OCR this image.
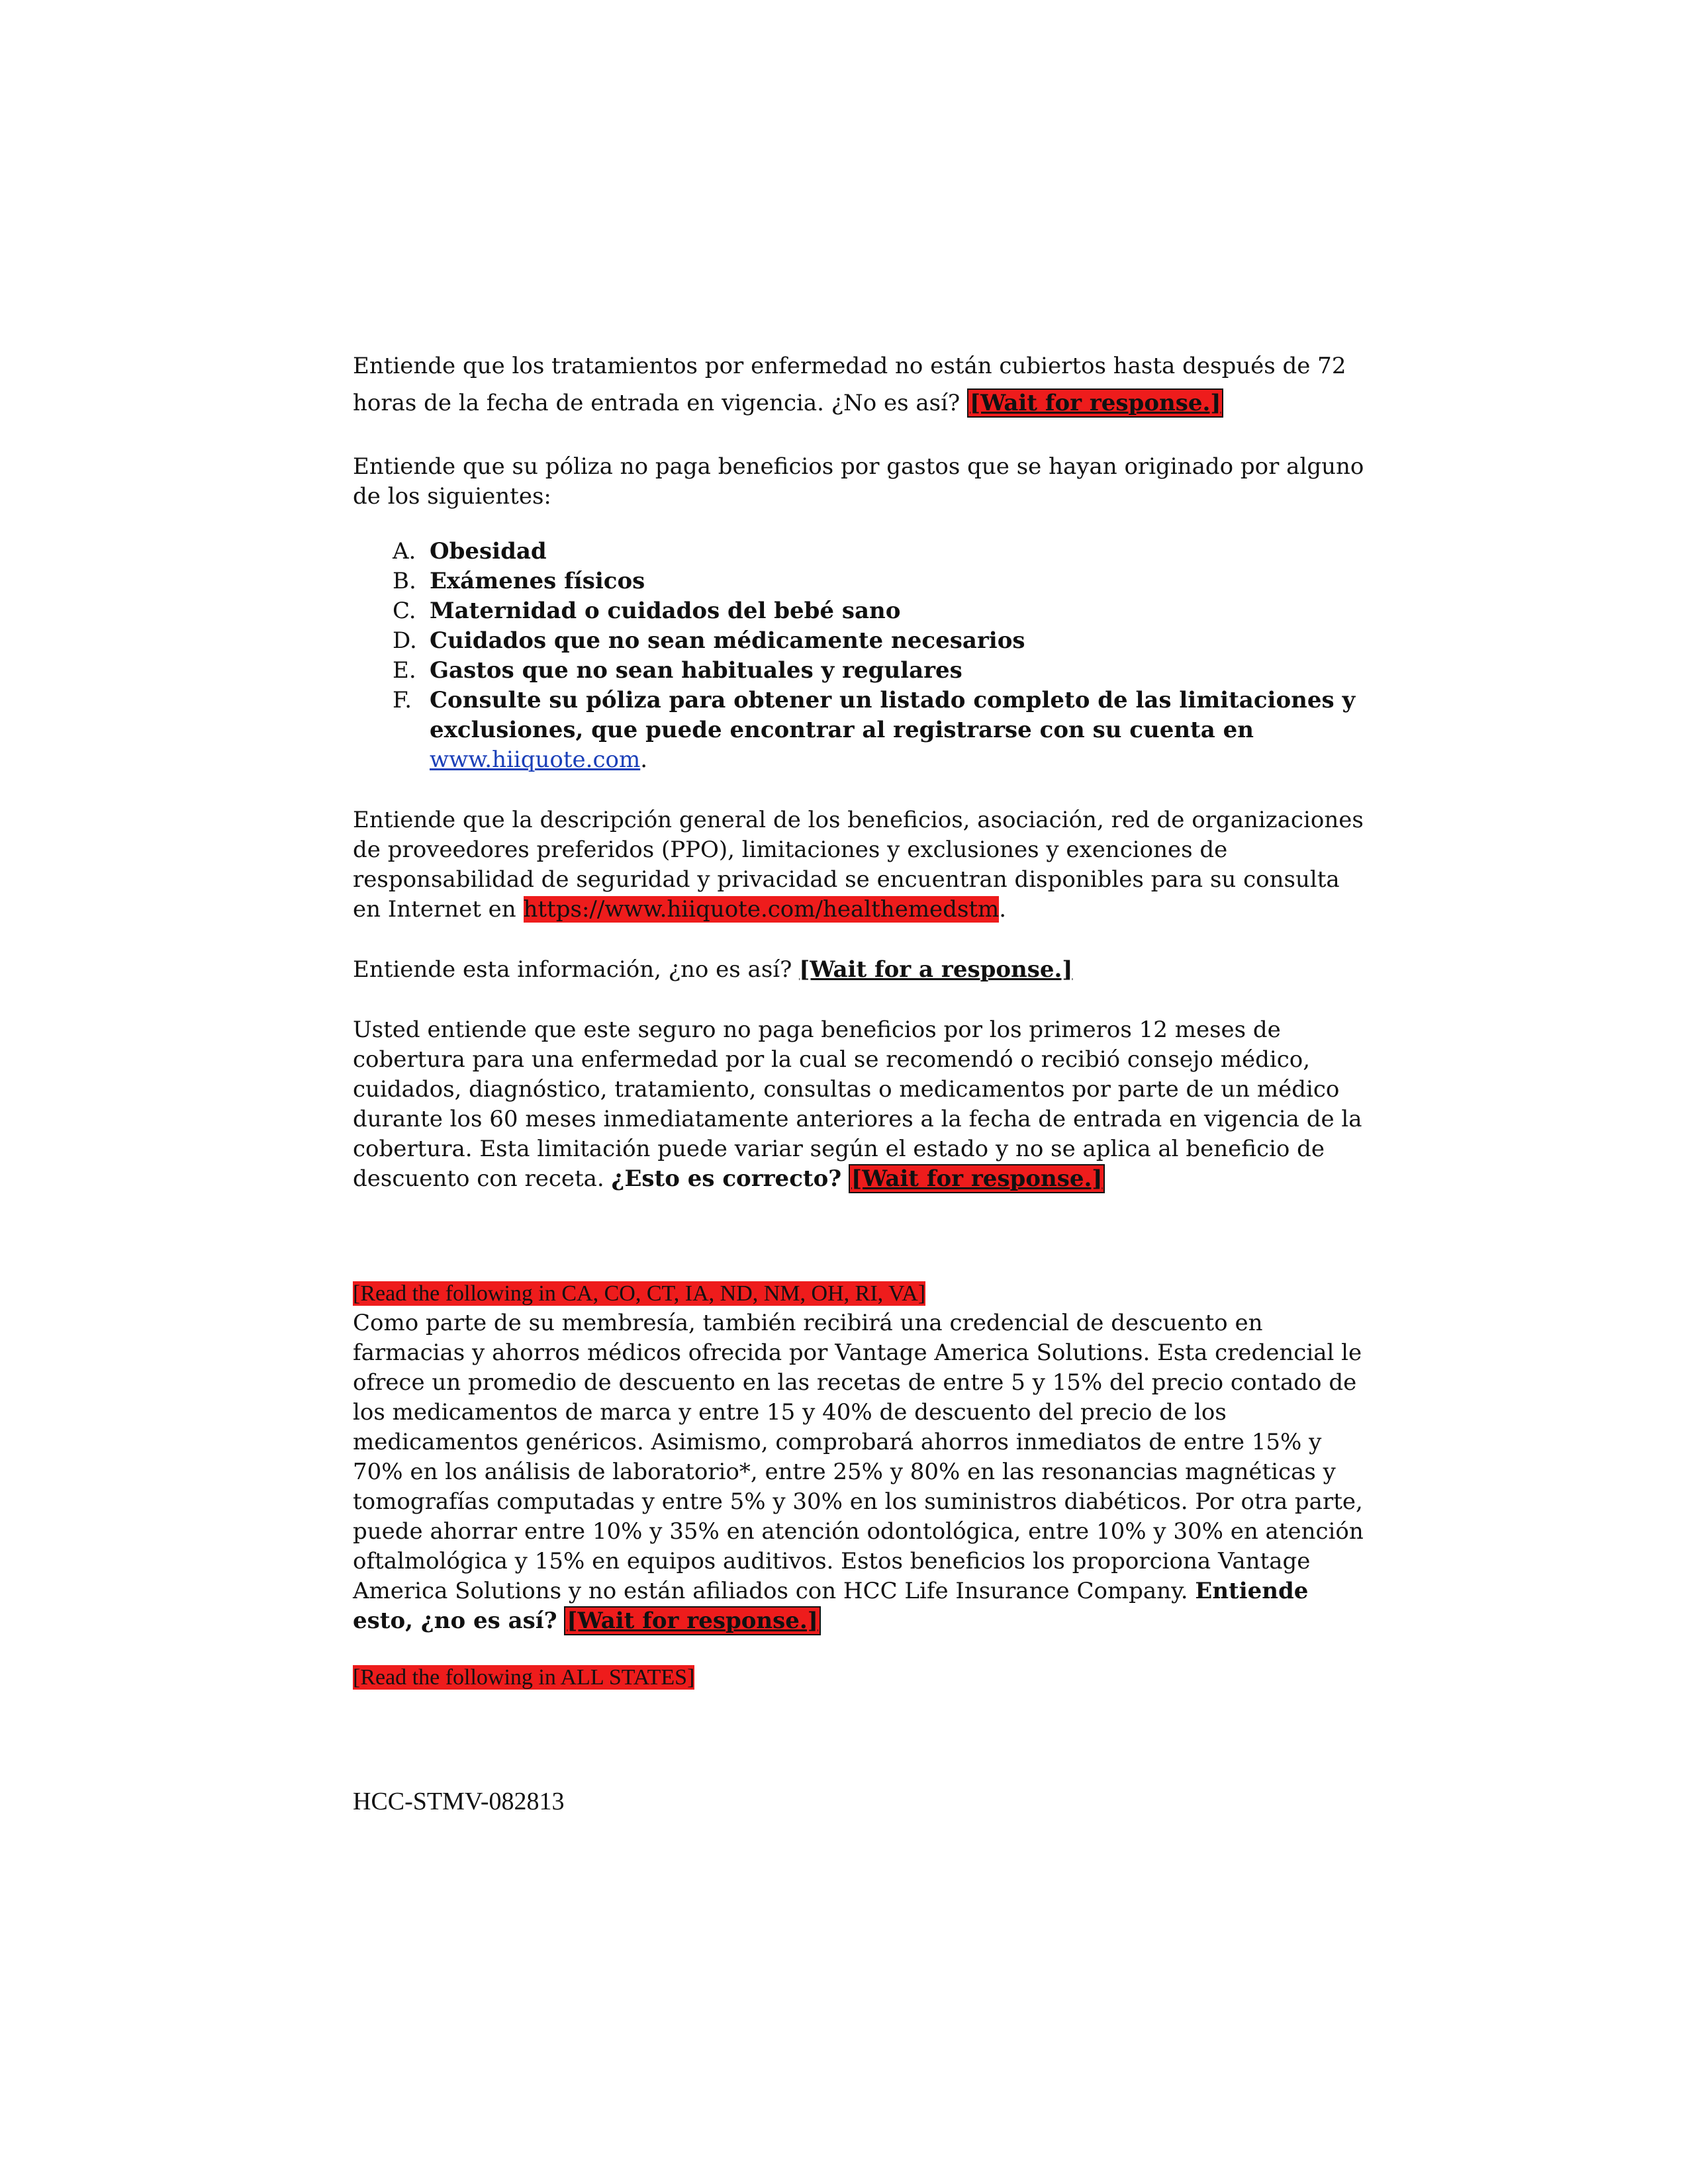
Entiende que los tratamientos por enfermedad no están cubiertos hasta después de 72 horas de la fecha de entrada en vigencia. ¿No es así? [Wait for response.]

Entiende que su póliza no paga beneficios por gastos que se hayan originado por alguno de los siguientes:

A. Obesidad
B. Exámenes físicos
C. Maternidad o cuidados del bebé sano
D. Cuidados que no sean médicamente necesarios
E. Gastos que no sean habituales y regulares
F. Consulte su póliza para obtener un listado completo de las limitaciones y exclusiones, que puede encontrar al registrarse con su cuenta en www.hiiquote.com.

Entiende que la descripción general de los beneficios, asociación, red de organizaciones de proveedores preferidos (PPO), limitaciones y exclusiones y exenciones de responsabilidad de seguridad y privacidad se encuentran disponibles para su consulta en Internet en https://www.hiiquote.com/healthemedstm.

Entiende esta información, ¿no es así? [Wait for a response.]

Usted entiende que este seguro no paga beneficios por los primeros 12 meses de cobertura para una enfermedad por la cual se recomendó o recibió consejo médico, cuidados, diagnóstico, tratamiento, consultas o medicamentos por parte de un médico durante los 60 meses inmediatamente anteriores a la fecha de entrada en vigencia de la cobertura. Esta limitación puede variar según el estado y no se aplica al beneficio de descuento con receta. ¿Esto es correcto? [Wait for response.]

[Read the following in CA, CO, CT, IA, ND, NM, OH, RI, VA]

Como parte de su membresía, también recibirá una credencial de descuento en farmacias y ahorros médicos ofrecida por Vantage America Solutions. Esta credencial le ofrece un promedio de descuento en las recetas de entre 5 y 15% del precio contado de los medicamentos de marca y entre 15 y 40% de descuento del precio de los medicamentos genéricos. Asimismo, comprobará ahorros inmediatos de entre 15% y 70% en los análisis de laboratorio*, entre 25% y 80% en las resonancias magnéticas y tomografías computadas y entre 5% y 30% en los suministros diabéticos. Por otra parte, puede ahorrar entre 10% y 35% en atención odontológica, entre 10% y 30% en atención oftalmológica y 15% en equipos auditivos. Estos beneficios los proporciona Vantage America Solutions y no están afiliados con HCC Life Insurance Company. Entiende esto, ¿no es así? [Wait for response.]

[Read the following in ALL STATES]

HCC-STMV-082813
